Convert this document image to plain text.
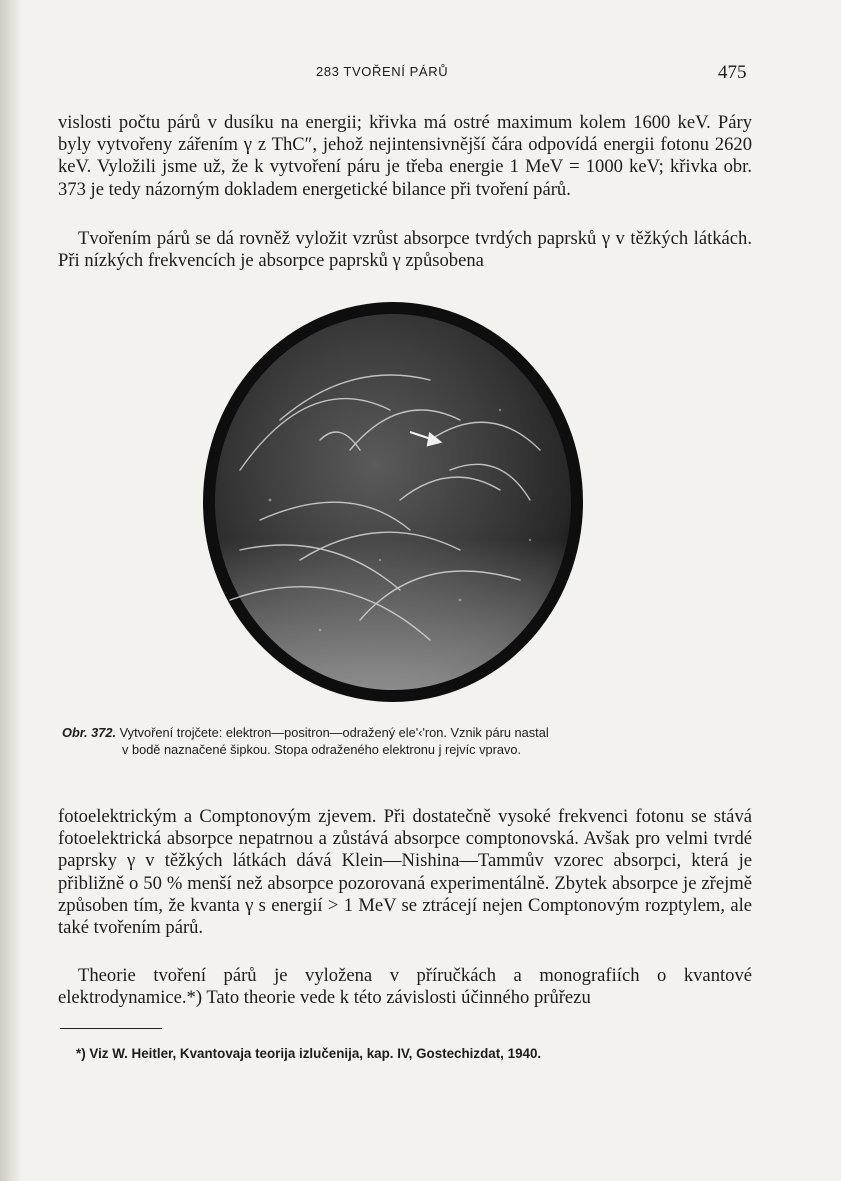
283 TVOŘENÍ PÁRŮ	475

vislosti počtu párů v dusíku na energii; křivka má ostré maximum kolem 1600 keV. Páry byly vytvořeny zářením γ z ThC″, jehož nejintensivnější čára odpovídá energii fotonu 2620 keV. Vyložili jsme už, že k vytvoření páru je třeba energie 1 MeV = 1000 keV; křivka obr. 373 je tedy názorným dokladem energetické bilance při tvoření párů.

Tvořením párů se dá rovněž vyložit vzrůst absorpce tvrdých paprsků γ v těžkých látkách. Při nízkých frekvencích je absorpce paprsků γ způsobena

Obr. 372. Vytvoření trojčete: elektron—positron—odražený ele'‹'ron. Vznik páru nastal
v bodě naznačené šipkou. Stopa odraženého elektronu j rejvíc vpravo.

fotoelektrickým a Comptonovým zjevem. Při dostatečně vysoké frekvenci fotonu se stává fotoelektrická absorpce nepatrnou a zůstává absorpce comptonovská. Avšak pro velmi tvrdé paprsky γ v těžkých látkách dává Klein—Nishina—Tammův vzorec absorpci, která je přibližně o 50 % menší než absorpce pozorovaná experimentálně. Zbytek absorpce je zřejmě způsoben tím, že kvanta γ s energií > 1 MeV se ztrácejí nejen Comptonovým rozptylem, ale také tvořením párů.

Theorie tvoření párů je vyložena v příručkách a monografiích o kvantové elektrodynamice.*) Tato theorie vede k této závislosti účinného průřezu

*) Viz W. Heitler, Kvantovaja teorija izlučenija, kap. IV, Gostechizdat, 1940.
